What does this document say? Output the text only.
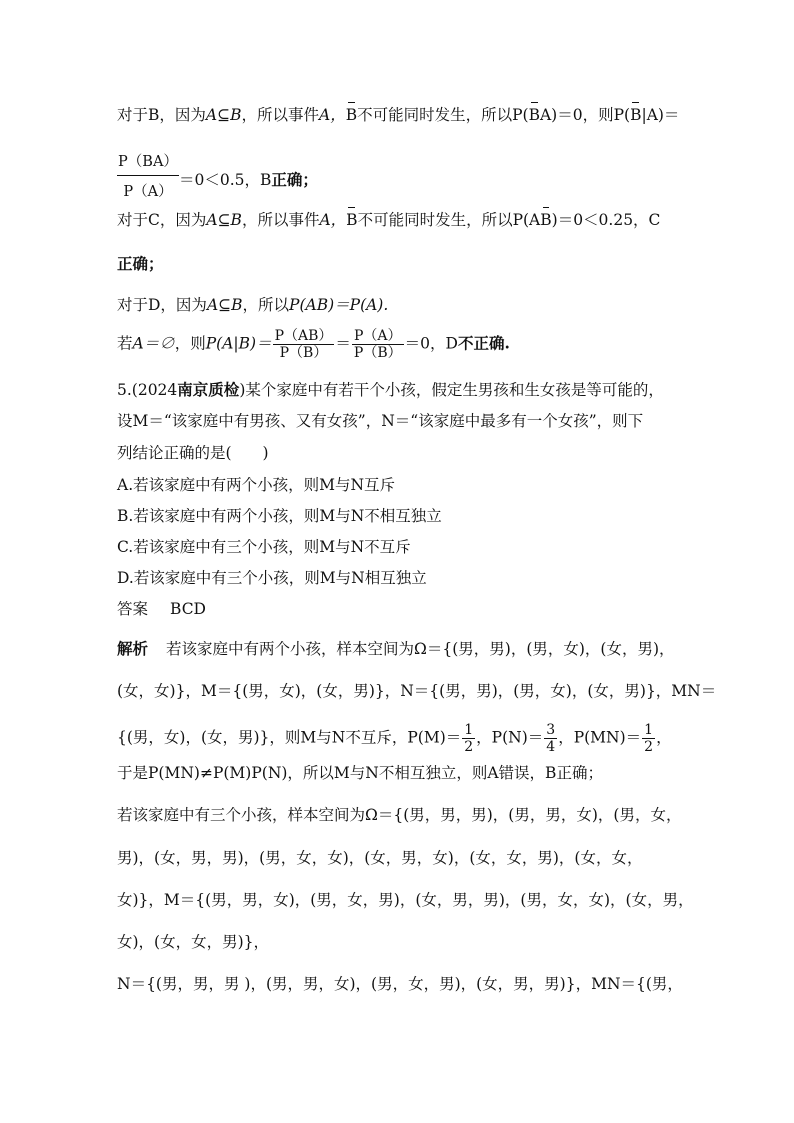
对于B，因为A⊆B，所以事件A，B不可能同时发生，所以P(BA)＝0，则P(B|A)＝
$\frac{P(BA)}{P(A)} =0<0.5$，B正确；
对于C，因为A⊆B，所以事件A，B不可能同时发生，所以P(AB)＝0＜0.25，C
正确；
对于D，因为A⊆B，所以P(AB)＝P(A).
若A＝∅，则$P(A|B)= \frac{P(AB)}{P(B)} = \frac{P(A)}{P(B)} =0$，D不正确.
5.(2024南京质检)某个家庭中有若干个小孩，假定生男孩和生女孩是等可能的，
设M＝“该家庭中有男孩、又有女孩”，N＝“该家庭中最多有一个女孩”，则下
列结论正确的是(　　)
A.若该家庭中有两个小孩，则M与N互斥
B.若该家庭中有两个小孩，则M与N不相互独立
C.若该家庭中有三个小孩，则M与N不互斥
D.若该家庭中有三个小孩，则M与N相互独立
答案 BCD
解析 若该家庭中有两个小孩，样本空间为Ω＝{(男，男)，(男，女)，(女，男)，
(女，女)}，M＝{(男，女)，(女，男)}，N＝{(男，男)，(男，女)，(女，男)}，MN＝
{(男，女)，(女，男)}，则M与N不互斥，$P(M)= \frac{1}{2}$ ，$P(N)= \frac{3}{4}$ ，$P(MN)= \frac{1}{2}$ ，
于是P(MN)≠P(M)P(N)，所以M与N不相互独立，则A错误，B正确；
若该家庭中有三个小孩，样本空间为Ω＝{(男，男，男)，(男，男，女)，(男，女，
男)，(女，男，男)，(男，女，女)，(女，男，女)，(女，女，男)，(女，女，
女)}，M＝{(男，男，女)，(男，女，男)，(女，男，男)，(男，女，女)，(女，男，
女)，(女，女，男)}，
N＝{(男，男，男 )，(男，男，女)，(男，女，男)，(女，男，男)}，MN＝{(男，
